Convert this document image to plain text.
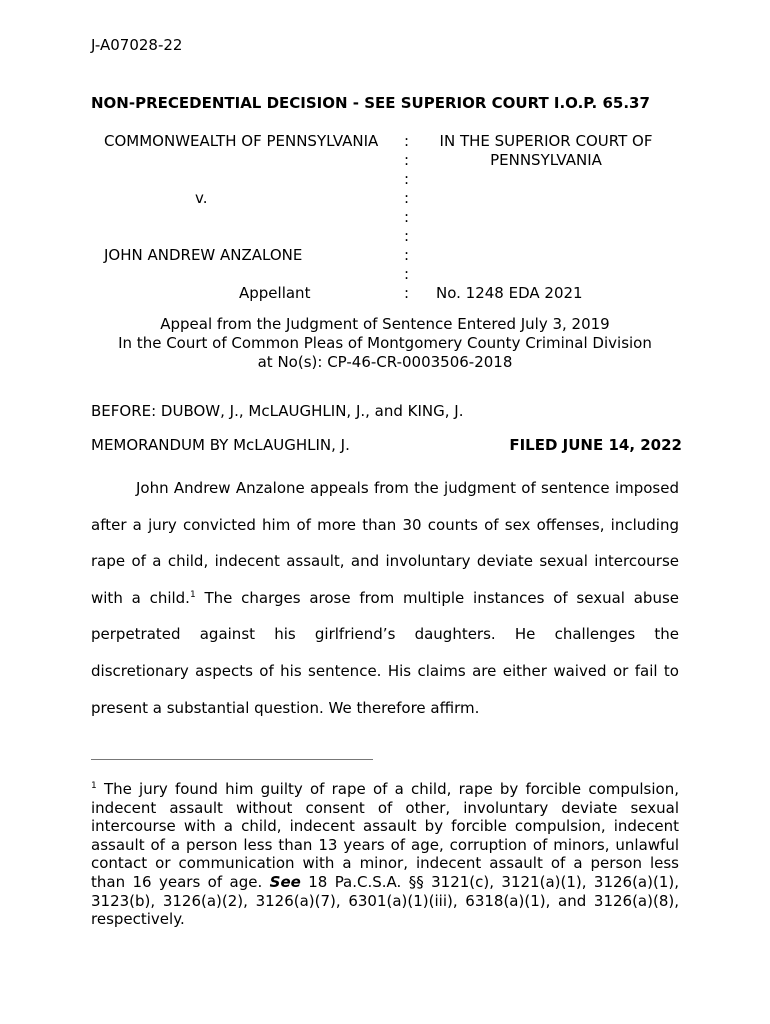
J-A07028-22
NON-PRECEDENTIAL DECISION - SEE SUPERIOR COURT I.O.P. 65.37
COMMONWEALTH OF PENNSYLVANIA
v.
JOHN ANDREW ANZALONE
Appellant
IN THE SUPERIOR COURT OF
PENNSYLVANIA
No. 1248 EDA 2021
:
:
:
:
:
:
:
:
:
Appeal from the Judgment of Sentence Entered July 3, 2019
In the Court of Common Pleas of Montgomery County Criminal Division
at No(s): CP-46-CR-0003506-2018
BEFORE: DUBOW, J., McLAUGHLIN, J., and KING, J.
MEMORANDUM BY McLAUGHLIN, J.	FILED JUNE 14, 2022

John Andrew Anzalone appeals from the judgment of sentence imposed after a jury convicted him of more than 30 counts of sex offenses, including rape of a child, indecent assault, and involuntary deviate sexual intercourse with a child.$^1$ The charges arose from multiple instances of sexual abuse perpetrated against his girlfriend’s daughters. He challenges the discretionary aspects of his sentence. His claims are either waived or fail to present a substantial question. We therefore affirm.

$^1$ The jury found him guilty of rape of a child, rape by forcible compulsion, indecent assault without consent of other, involuntary deviate sexual intercourse with a child, indecent assault by forcible compulsion, indecent assault of a person less than 13 years of age, corruption of minors, unlawful contact or communication with a minor, indecent assault of a person less than 16 years of age. See 18 Pa.C.S.A. §§ 3121(c), 3121(a)(1), 3126(a)(1), 3123(b), 3126(a)(2), 3126(a)(7), 6301(a)(1)(iii), 6318(a)(1), and 3126(a)(8), respectively.
